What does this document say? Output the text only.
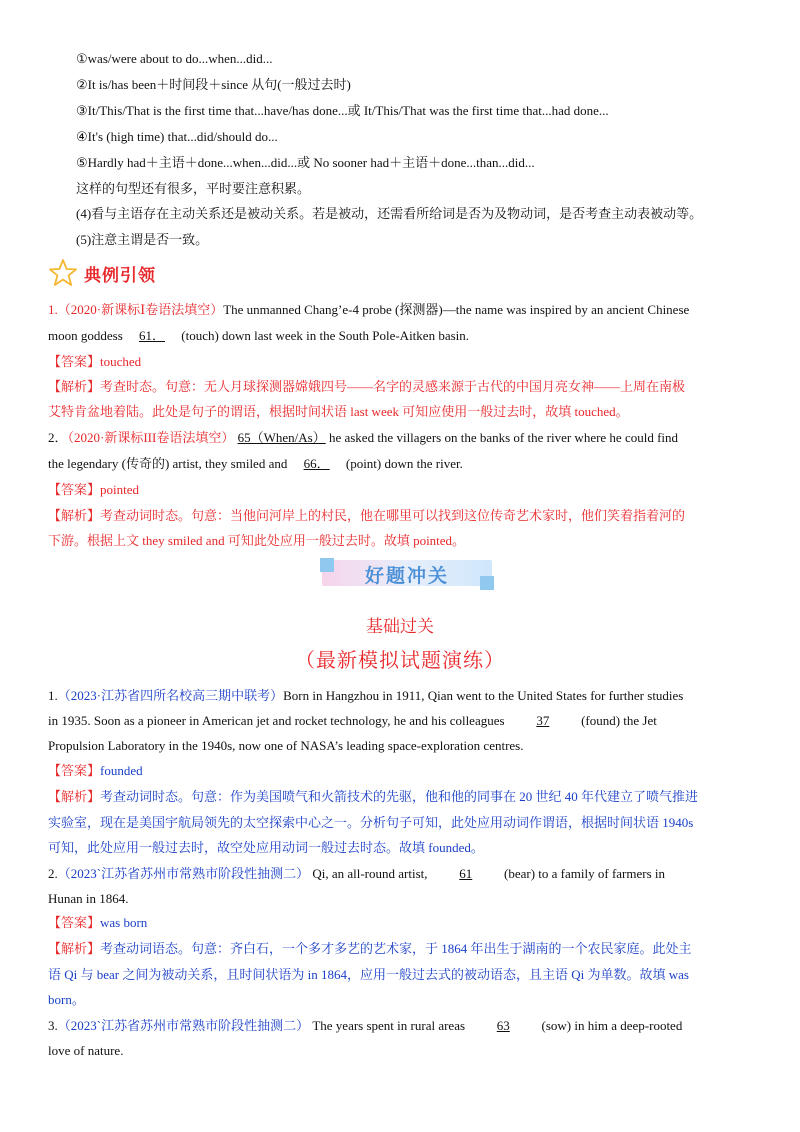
①was/were about to do...when...did...
②It is/has been＋时间段＋since 从句(一般过去时)
③It/This/That is the first time that...have/has done...或 It/This/That was the first time that...had done...
④It's (high time) that...did/should do...
⑤Hardly had＋主语＋done...when...did...或 No sooner had＋主语＋done...than...did...
这样的句型还有很多，平时要注意积累。
(4)看与主语存在主动关系还是被动关系。若是被动，还需看所给词是否为及物动词，是否考查主动表被动等。
(5)注意主谓是否一致。
典例引领
1.（2020·新课标Ⅰ卷语法填空）The unmanned Chang’e-4 probe (探测器)—the name was inspired by an ancient Chinese
moon goddess 61． (touch) down last week in the South Pole-Aitken basin.
【答案】touched
【解析】考查时态。句意：无人月球探测器嫦娥四号——名字的灵感来源于古代的中国月亮女神——上周在南极
艾特肯盆地着陆。此处是句子的谓语，根据时间状语 last week 可知应使用一般过去时，故填 touched。
2．（2020·新课标III卷语法填空） 65（When/As） he asked the villagers on the banks of the river where he could find
the legendary (传奇的) artist, they smiled and 66． (point) down the river.
【答案】pointed
【解析】考查动词时态。句意：当他问河岸上的村民，他在哪里可以找到这位传奇艺术家时，他们笑着指着河的
下游。根据上文 they smiled and 可知此处应用一般过去时。故填 pointed。
好题冲关
基础过关
（最新模拟试题演练）
1.（2023·江苏省四所名校高三期中联考）Born in Hangzhou in 1911, Qian went to the United States for further studies
in 1935. Soon as a pioneer in American jet and rocket technology, he and his colleagues 37 (found) the Jet
Propulsion Laboratory in the 1940s, now one of NASA’s leading space-exploration centres.
【答案】founded
【解析】考查动词时态。句意：作为美国喷气和火箭技术的先驱，他和他的同事在 20 世纪 40 年代建立了喷气推进
实验室，现在是美国宇航局领先的太空探索中心之一。分析句子可知，此处应用动词作谓语，根据时间状语 1940s
可知，此处应用一般过去时，故空处应用动词一般过去时态。故填 founded。
2.（2023`江苏省苏州市常熟市阶段性抽测二） Qi, an all-round artist, 61 (bear) to a family of farmers in
Hunan in 1864.
【答案】was born
【解析】考查动词语态。句意：齐白石，一个多才多艺的艺术家，于 1864 年出生于湖南的一个农民家庭。此处主
语 Qi 与 bear 之间为被动关系，且时间状语为 in 1864，应用一般过去式的被动语态，且主语 Qi 为单数。故填 was
born。
3.（2023`江苏省苏州市常熟市阶段性抽测二） The years spent in rural areas 63 (sow) in him a deep-rooted
love of nature.
